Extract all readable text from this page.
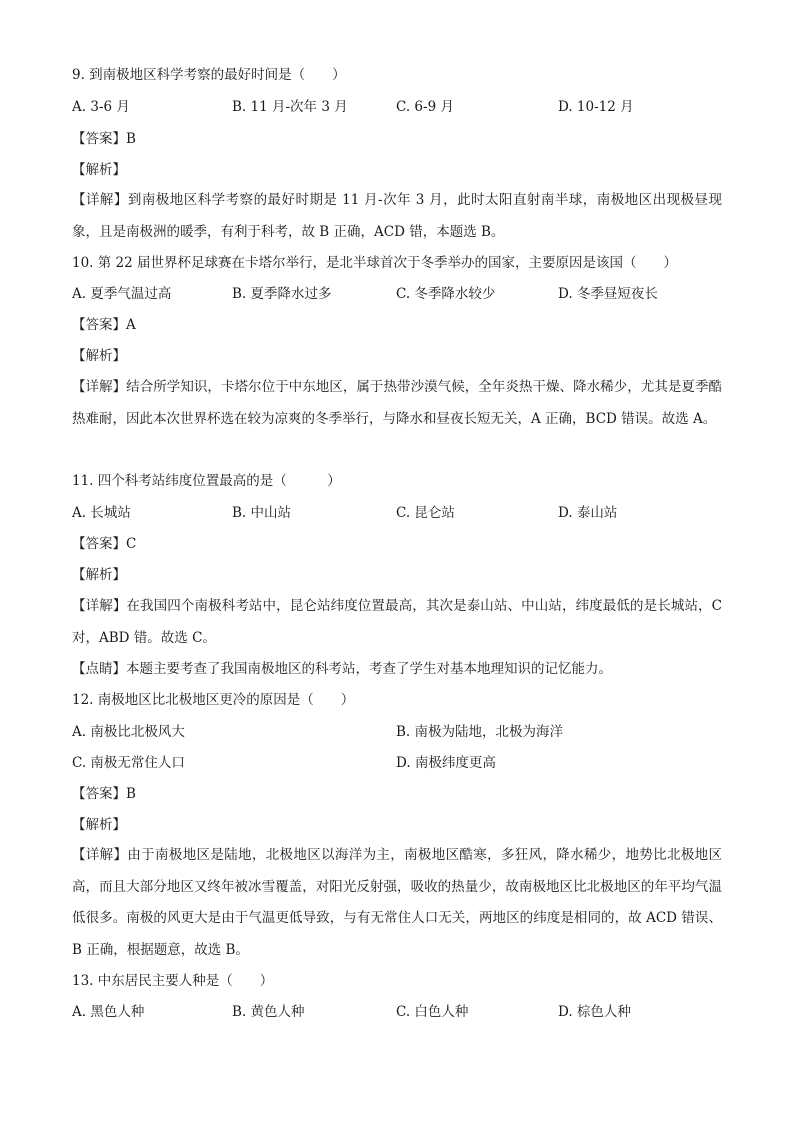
9. 到南极地区科学考察的最好时间是（　　）
A. 3-6 月	B. 11 月-次年 3 月	C. 6-9 月	D. 10-12 月
【答案】B
【解析】
【详解】到南极地区科学考察的最好时期是 11 月-次年 3 月，此时太阳直射南半球，南极地区出现极昼现象，且是南极洲的暖季，有利于科考，故 B 正确，ACD 错，本题选 B。
10. 第 22 届世界杯足球赛在卡塔尔举行，是北半球首次于冬季举办的国家，主要原因是该国（　　）
A. 夏季气温过高	B. 夏季降水过多	C. 冬季降水较少	D. 冬季昼短夜长
【答案】A
【解析】
【详解】结合所学知识，卡塔尔位于中东地区，属于热带沙漠气候，全年炎热干燥、降水稀少，尤其是夏季酷热难耐，因此本次世界杯选在较为凉爽的冬季举行，与降水和昼夜长短无关，A 正确，BCD 错误。故选 A。
11. 四个科考站纬度位置最高的是（　　　）
A. 长城站	B. 中山站	C. 昆仑站	D. 泰山站
【答案】C
【解析】
【详解】在我国四个南极科考站中，昆仑站纬度位置最高，其次是泰山站、中山站，纬度最低的是长城站，C 对，ABD 错。故选 C。
【点睛】本题主要考查了我国南极地区的科考站，考查了学生对基本地理知识的记忆能力。
12. 南极地区比北极地区更冷的原因是（　　）
A. 南极比北极风大	B. 南极为陆地，北极为海洋
C. 南极无常住人口	D. 南极纬度更高
【答案】B
【解析】
【详解】由于南极地区是陆地，北极地区以海洋为主，南极地区酷寒，多狂风，降水稀少，地势比北极地区高，而且大部分地区又终年被冰雪覆盖，对阳光反射强，吸收的热量少，故南极地区比北极地区的年平均气温低很多。南极的风更大是由于气温更低导致，与有无常住人口无关，两地区的纬度是相同的，故 ACD 错误、B 正确，根据题意，故选 B。
13. 中东居民主要人种是（　　）
A. 黑色人种	B. 黄色人种	C. 白色人种	D. 棕色人种
